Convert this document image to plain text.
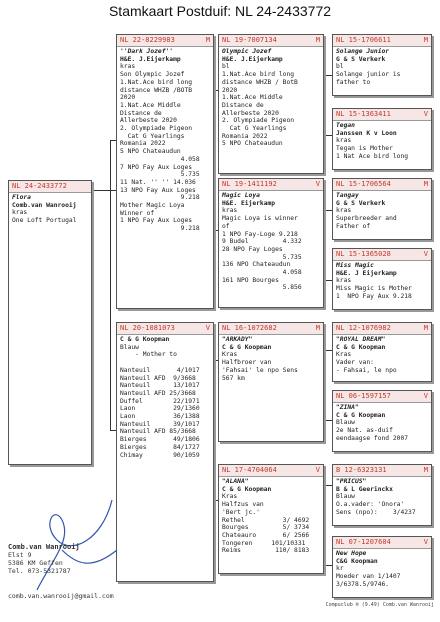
Stamkaart Postduif: NL 24-2433772
NL 24-2433772
Flora
Comb.van Wanrooij
kras
One Loft Portugal
NL 22-8229983	M
''Dark Jozef''
H&E. J.Eijerkamp
kras
Son Olympic Jozef
1.Nat.Ace bird long
distance WHZB /BOTB
2020
1.Nat.Ace Middle
Distance de
Allerbeste 2020
2. Olympiade Pigeon
Cat G Yearlings
Romania 2022
5 NPO Chateaudun
4.058
7 NPO Fay Aux Loges
5.735
11 Nat. '' '' 14.036
13 NPO Fay Aux Loges
9.218
Mother Magic Loya
Winner of
1 NPO Fay Aux Loges
9.218
NL 20-1081073	V
C & G Koopman
Blauw
- Mother to

Nanteuil       4/1017
Nanteuil AFD  9/3668
Nanteuil      13/1017
Nanteuil AFD 25/3668
Duffel        22/1971
Laon          29/1360
Laon          36/1388
Nanteuil      39/1017
Nanteuil AFD 85/3668
Bierges       49/1806
Bierges       84/1727
Chimay        90/1059
NL 19-7007134	M
Olympic Jozef
H&E. J.Eijerkamp
bl
1.Nat.Ace bird long
distance WHZB / BotB
2020
1.Nat.Ace Middle
Distance de
Allerbeste 2020
2. Olympiade Pigeon
Cat G Yearlings
Romania 2022
5 NPO Chateaudun
NL 19-1411192	V
Magic Loya
H&E. Eijerkamp
kras
Magic Loya is winner
of
1 NPO Fay-Loge 9.218
9 Budel         4.332
28 NPO Fay Loges
5.735
136 NPO Chateaudun
4.058
161 NPO Bourges
5.856
NL 16-1072682	M
"ARKADY"
C & G Koopman
Kras
Halfbroer van
'Fahsai' le npo Sens
567 km
NL 17-4704064	V
"ALANA"
C & G Koopman
Kras
Halfzus van
'Bert jc.'
Rethel          3/ 4692
Bourges         5/ 3734
Chateauro       6/ 2566
Tongeren     101/10331
Reims         110/ 8183
NL 15-1706611	M
Solange Junior
G & S Verkerk
bl
Solange junior is
father to
NL 15-1363411	V
Tegan
Janssen K v Loon
kras
Tegan is Mother
1 Nat Ace bird long
NL 15-1706564	M
Tangay
G & S Verkerk
kras
Superbreeder and
Father of
NL 15-1365028	V
Miss Magic
H&E. J Eijerkamp
kras
Miss Magic is Mother
1  NPO Fay Aux 9.218
NL 12-1076982	M
"ROYAL DREAM"
C & G Koopman
Kras
Vader van:
- Fahsai, le npo
NL 06-1597157	V
"ZINA"
C & G Koopman
Blauw
2e Nat. as-duif
eendaagse fond 2007
B 12-6323131	M
"PRICUS"
B & L Geerinckx
Blauw
O.a.vader: 'Onora'
Sens (npo):    3/4237
NL 07-1207604	V
New Hope
C&G Koopman
kr
Moeder van 1/1407
3/6378.5/9746.
Comb.van Wanrooij
Elst 9
5386 KM Geffen
Tel. 073-5321787
comb.van.wanrooij@gmail.com
Compuclub ® (9.49) Comb.van Wanrooij
